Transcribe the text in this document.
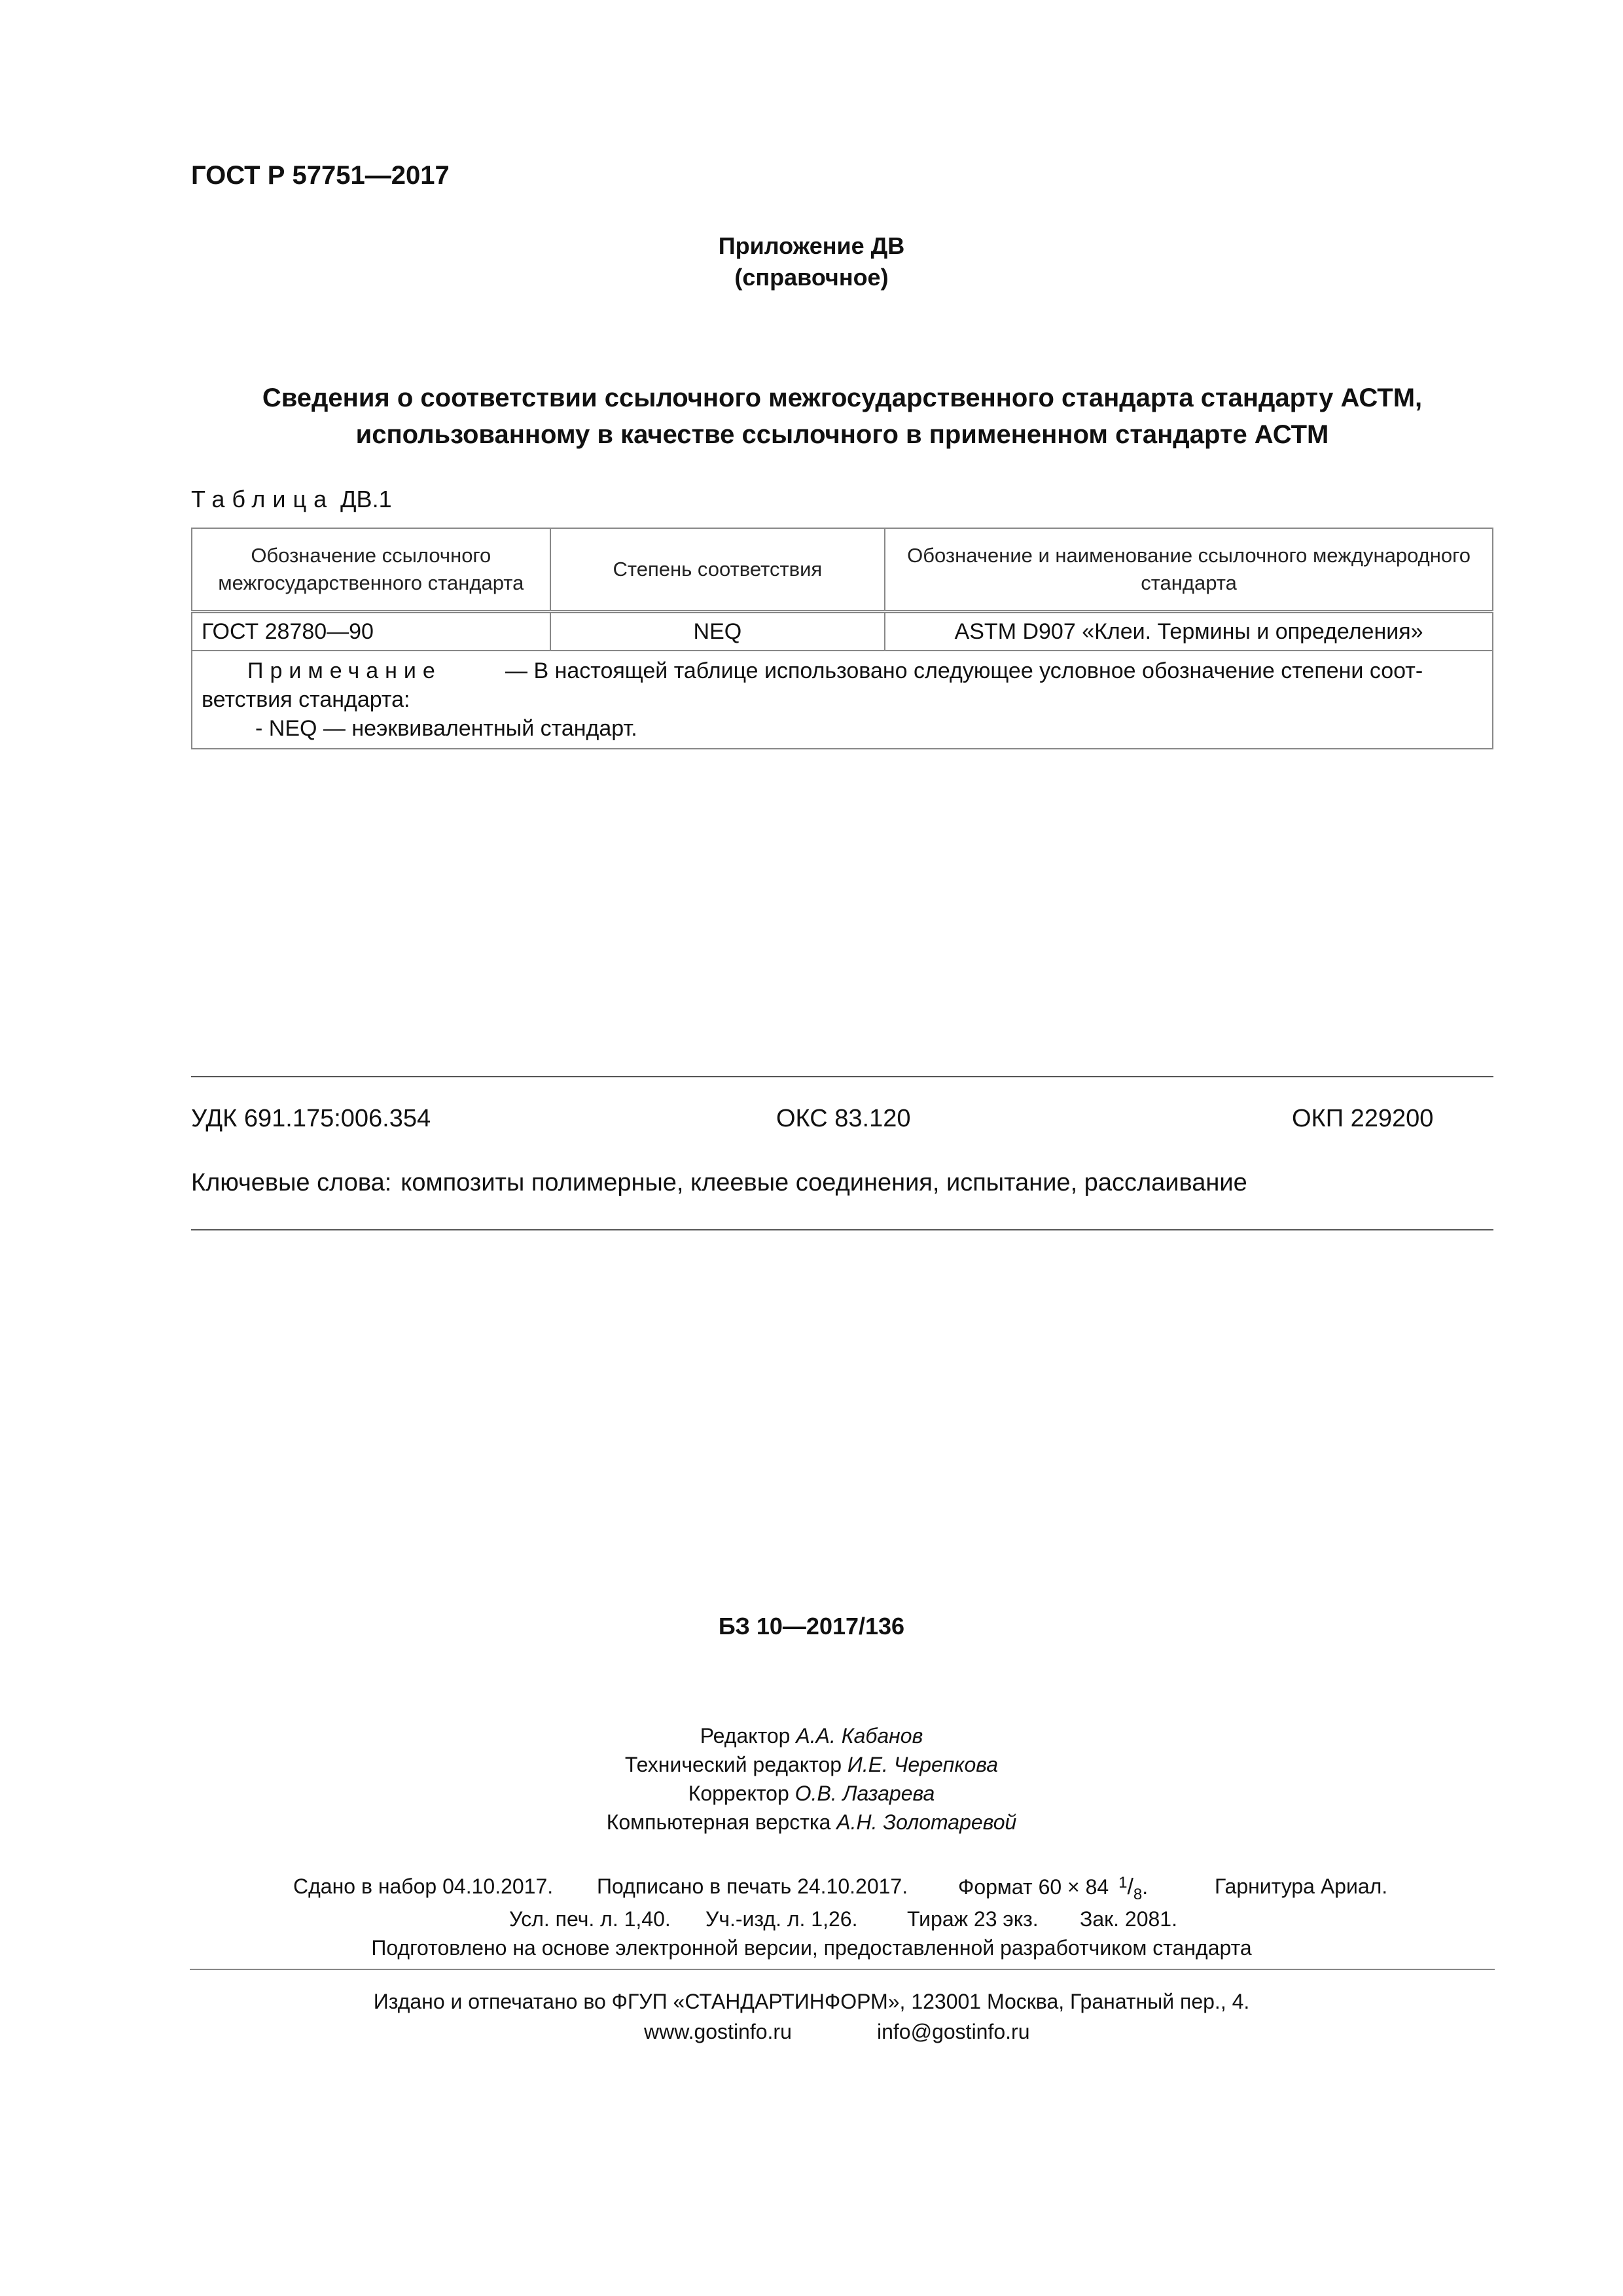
ГОСТ Р 57751—2017
Приложение ДВ
(справочное)
Сведения о соответствии ссылочного межгосударственного стандарта стандарту АСТМ,
использованному в качестве ссылочного в примененном стандарте АСТМ
Таблица ДВ.1
Обозначение ссылочного межгосударственного стандарта	Степень соответствия	Обозначение и наименование ссылочного международного стандарта
ГОСТ 28780—90	NEQ	ASTM D907 «Клеи. Термины и определения»

Примечание — В настоящей таблице использовано следующее условное обозначение степени соот-ветствия стандарта:
- NEQ — неэквивалентный стандарт.		
УДК 691.175:006.354	ОКС 83.120	ОКП 229200
Ключевые слова: композиты полимерные, клеевые соединения, испытание, расслаивание
БЗ 10—2017/136
Редактор А.А. Кабанов
Технический редактор И.Е. Черепкова
Корректор О.В. Лазарева
Компьютерная верстка А.Н. Золотаревой
Сдано в набор 04.10.2017. Подписано в печать 24.10.2017. Формат 60 × 84 $^1/_8$.	Гарнитура Ариал.
Усл. печ. л. 1,40. Уч.-изд. л. 1,26. Тираж 23 экз. Зак. 2081.
Подготовлено на основе электронной версии, предоставленной разработчиком стандарта
Издано и отпечатано во ФГУП «СТАНДАРТИНФОРМ», 123001 Москва, Гранатный пер., 4.
www.gostinfo.ru	info@gostinfo.ru
